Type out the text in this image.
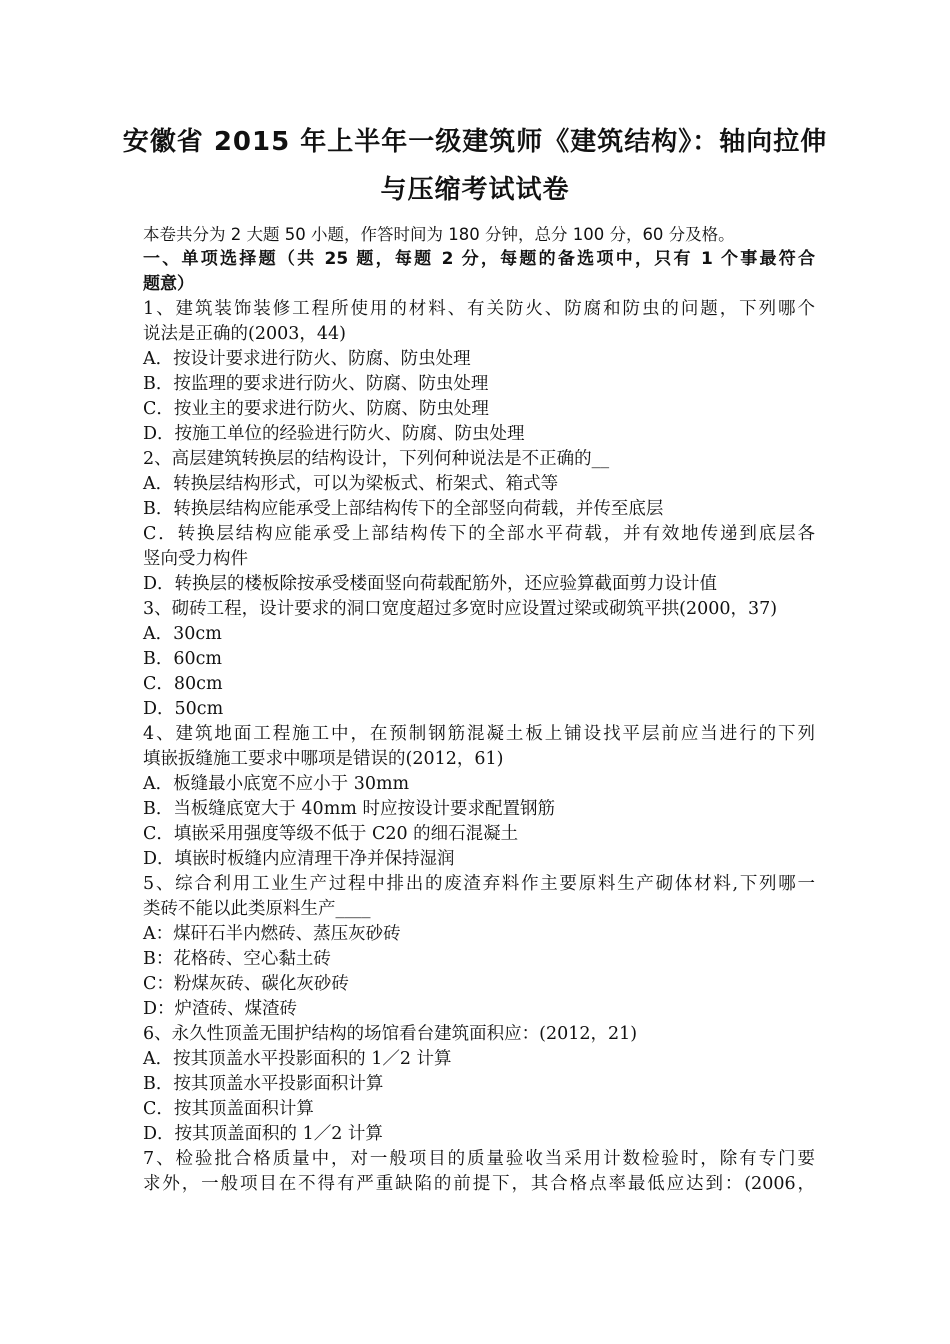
安徽省 2015 年上半年一级建筑师《建筑结构》：轴向拉伸
与压缩考试试卷
本卷共分为 2 大题 50 小题，作答时间为 180 分钟，总分 100 分，60 分及格。
一、单项选择题（共 25 题，每题 2 分，每题的备选项中，只有 1 个事最符合
题意）
1、建筑装饰装修工程所使用的材料、有关防火、防腐和防虫的问题，下列哪个
说法是正确的(2003，44)
A．按设计要求进行防火、防腐、防虫处理
B．按监理的要求进行防火、防腐、防虫处理
C．按业主的要求进行防火、防腐、防虫处理
D．按施工单位的经验进行防火、防腐、防虫处理
2、高层建筑转换层的结构设计，下列何种说法是不正确的__
A．转换层结构形式，可以为梁板式、桁架式、箱式等
B．转换层结构应能承受上部结构传下的全部竖向荷载，并传至底层
C．转换层结构应能承受上部结构传下的全部水平荷载，并有效地传递到底层各
竖向受力构件
D．转换层的楼板除按承受楼面竖向荷载配筋外，还应验算截面剪力设计值
3、砌砖工程，设计要求的洞口宽度超过多宽时应设置过梁或砌筑平拱(2000，37)
A．30cm
B．60cm
C．80cm
D．50cm
4、建筑地面工程施工中，在预制钢筋混凝土板上铺设找平层前应当进行的下列
填嵌扳缝施工要求中哪项是错误的(2012，61)
A．板缝最小底宽不应小于 30mm
B．当板缝底宽大于 40mm 时应按设计要求配置钢筋
C．填嵌采用强度等级不低于 C20 的细石混凝土
D．填嵌时板缝内应清理干净并保持湿润
5、综合利用工业生产过程中排出的废渣弃料作主要原料生产砌体材料,下列哪一
类砖不能以此类原料生产____
A：煤矸石半内燃砖、蒸压灰砂砖
B：花格砖、空心黏土砖
C：粉煤灰砖、碳化灰砂砖
D：炉渣砖、煤渣砖
6、永久性顶盖无围护结构的场馆看台建筑面积应：(2012，21)
A．按其顶盖水平投影面积的 1／2 计算
B．按其顶盖水平投影面积计算
C．按其顶盖面积计算
D．按其顶盖面积的 1／2 计算
7、检验批合格质量中，对一般项目的质量验收当采用计数检验时，除有专门要
求外，一般项目在不得有严重缺陷的前提下，其合格点率最低应达到：(2006，
